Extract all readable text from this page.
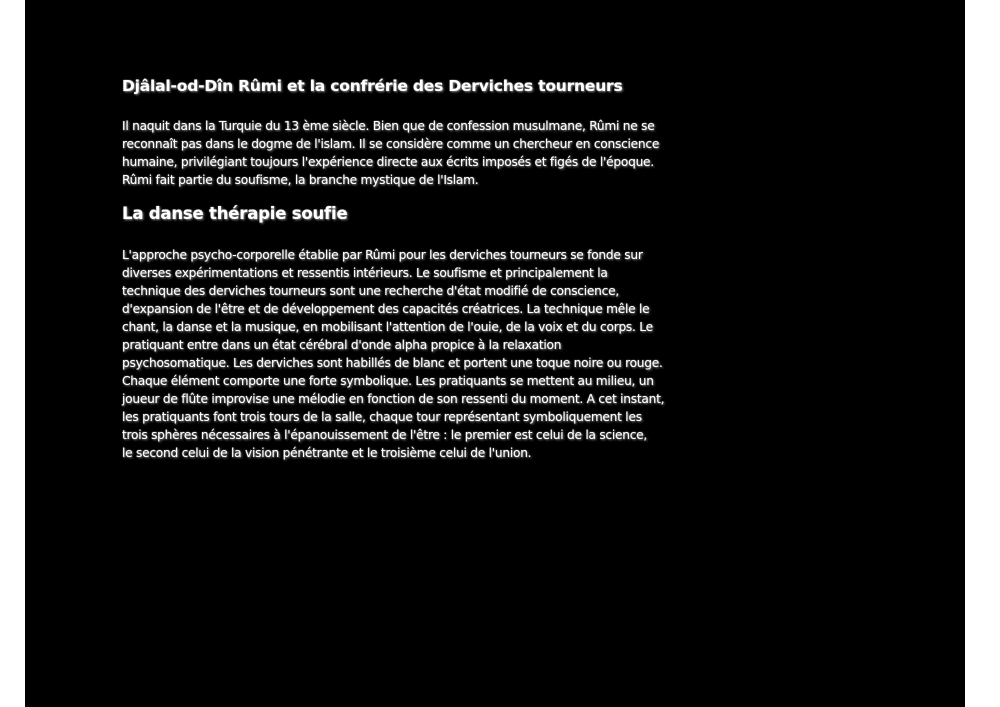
Djâlal-od-Dîn Rûmi et la confrérie des Derviches tourneurs

Il naquit dans la Turquie du 13 ème siècle. Bien que de confession musulmane, Rûmi ne se
reconnaît pas dans le dogme de l'islam. Il se considère comme un chercheur en conscience
humaine, privilégiant toujours l'expérience directe aux écrits imposés et figés de l'époque.
Rûmi fait partie du soufisme, la branche mystique de l'Islam.

La danse thérapie soufie

L'approche psycho-corporelle établie par Rûmi pour les derviches tourneurs se fonde sur
diverses expérimentations et ressentis intérieurs. Le soufisme et principalement la
technique des derviches tourneurs sont une recherche d'état modifié de conscience,
d'expansion de l'être et de développement des capacités créatrices. La technique mêle le
chant, la danse et la musique, en mobilisant l'attention de l'ouie, de la voix et du corps. Le
pratiquant entre dans un état cérébral d'onde alpha propice à la relaxation
psychosomatique. Les derviches sont habillés de blanc et portent une toque noire ou rouge.
Chaque élément comporte une forte symbolique. Les pratiquants se mettent au milieu, un
joueur de flûte improvise une mélodie en fonction de son ressenti du moment. A cet instant,
les pratiquants font trois tours de la salle, chaque tour représentant symboliquement les
trois sphères nécessaires à l'épanouissement de l'être : le premier est celui de la science,
le second celui de la vision pénétrante et le troisième celui de l'union.
